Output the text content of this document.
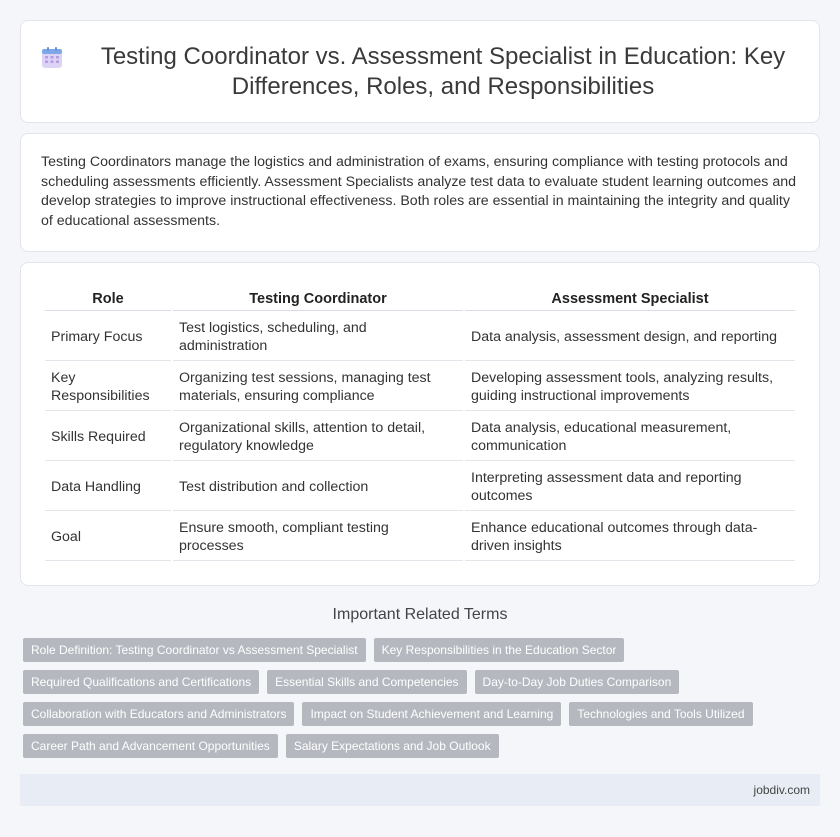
Testing Coordinator vs. Assessment Specialist in Education: Key Differences, Roles, and Responsibilities

Testing Coordinators manage the logistics and administration of exams, ensuring compliance with testing protocols and scheduling assessments efficiently. Assessment Specialists analyze test data to evaluate student learning outcomes and develop strategies to improve instructional effectiveness. Both roles are essential in maintaining the integrity and quality of educational assessments.

Role	Testing Coordinator	Assessment Specialist
Primary Focus	Test logistics, scheduling, and administration	Data analysis, assessment design, and reporting
Key Responsibilities	Organizing test sessions, managing test materials, ensuring compliance	Developing assessment tools, analyzing results, guiding instructional improvements
Skills Required	Organizational skills, attention to detail, regulatory knowledge	Data analysis, educational measurement, communication
Data Handling	Test distribution and collection	Interpreting assessment data and reporting outcomes
Goal	Ensure smooth, compliant testing processes	Enhance educational outcomes through data-driven insights
Important Related Terms
Role Definition: Testing Coordinator vs Assessment Specialist	Key Responsibilities in the Education Sector
Required Qualifications and Certifications	Essential Skills and Competencies	Day-to-Day Job Duties Comparison
Collaboration with Educators and Administrators	Impact on Student Achievement and Learning	Technologies and Tools Utilized
Career Path and Advancement Opportunities	Salary Expectations and Job Outlook
jobdiv.com
